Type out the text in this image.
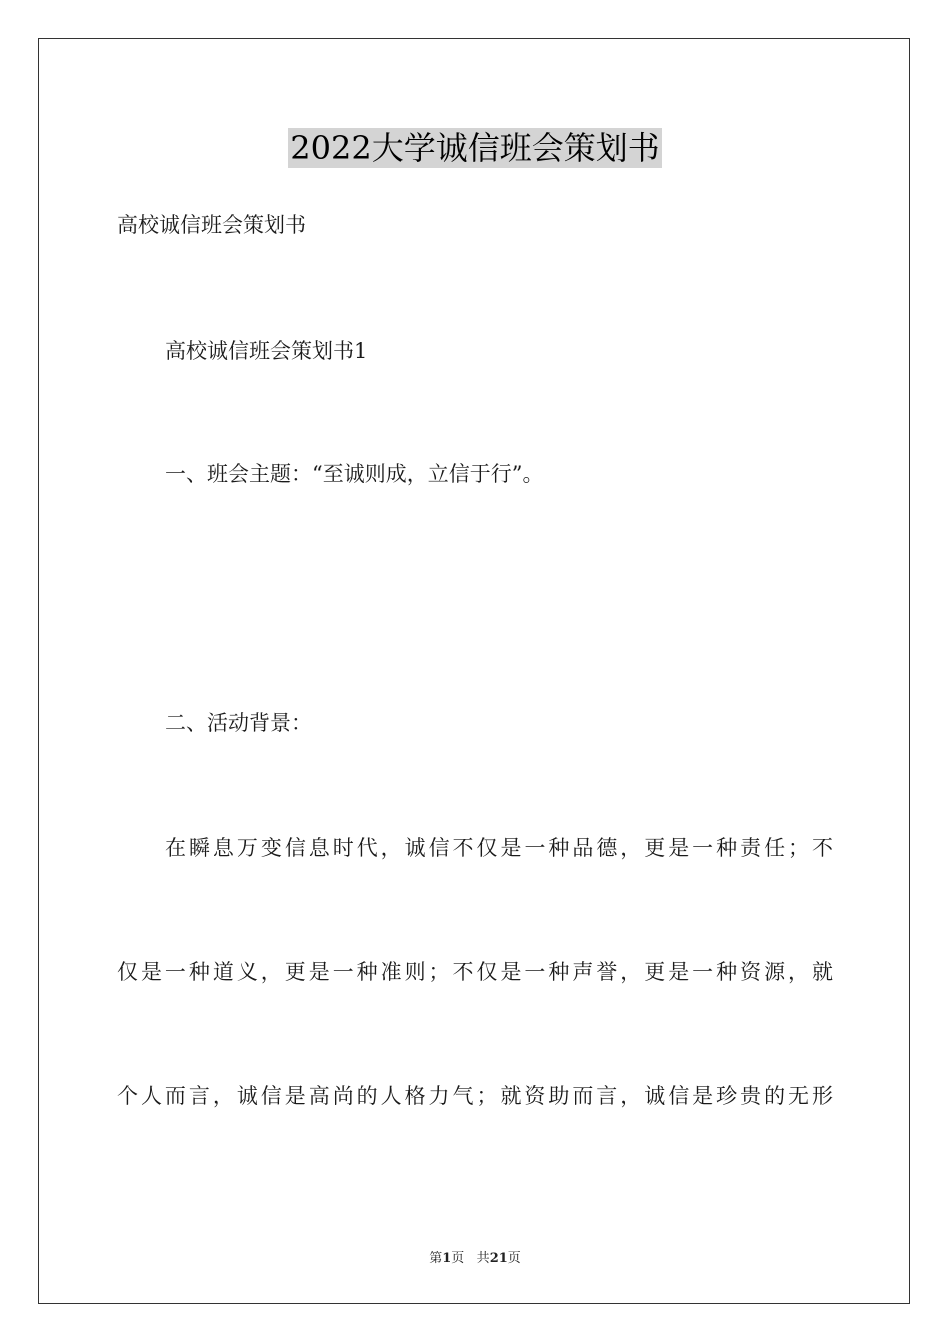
2022大学诚信班会策划书
高校诚信班会策划书
高校诚信班会策划书1
一、班会主题：“至诚则成，立信于行”。
二、活动背景：
在瞬息万变信息时代，诚信不仅是一种品德，更是一种责任；不
仅是一种道义，更是一种准则；不仅是一种声誉，更是一种资源，就
个人而言，诚信是高尚的人格力气；就资助而言，诚信是珍贵的无形
第1页 共21页
